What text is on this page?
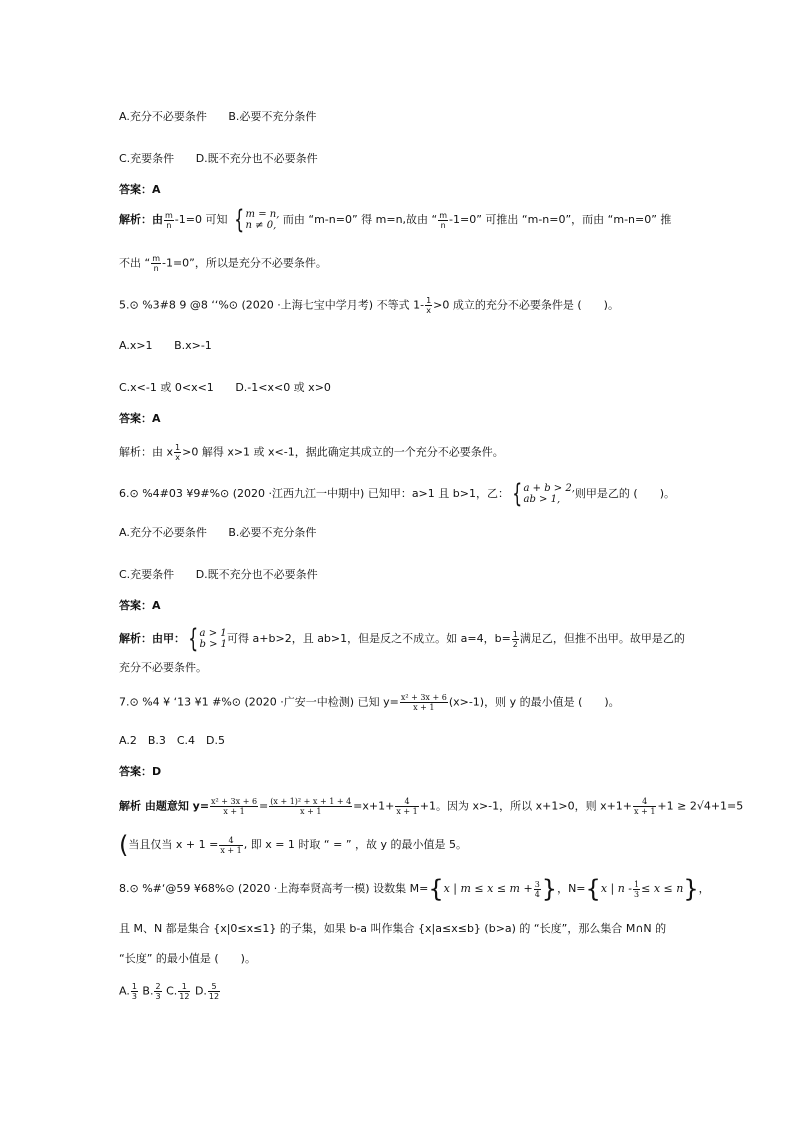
A.充分不必要条件 B.必要不充分条件
C.充要条件 D.既不充分也不必要条件
答案：A
解析：由 $\frac{m}{n} -1=0$ 可知 { m = n,
n ≠ 0, 而由 “m-n=0” 得 m=n,故由 “ $\frac{m}{n} -1=0$” 可推出 “m-n=0”，而由 “m-n=0” 推
不出 “ $\frac{m}{n} -1=0$”，所以是充分不必要条件。
5.⊙ %3#8 9 @8 ‘‘%⊙ (2020 ·上海七宝中学月考) 不等式 $1- \frac{1}{x} >0$ 成立的充分不必要条件是 (　　)。
A.x>1 B.x>-1
C.x<-1 或 0<x<1 D.-1<x<0 或 x>0
答案：A
解析：由 x $\frac{1}{x} >0$ 解得 x>1 或 x<-1，据此确定其成立的一个充分不必要条件。
6.⊙ %4#03 ¥9#%⊙ (2020 ·江西九江一中期中) 已知甲：a>1 且 b>1，乙： { a + b > 2,
ab > 1,	则甲是乙的 (　　)。
A.充分不必要条件 B.必要不充分条件
C.充要条件 D.既不充分也不必要条件
答案：A
解析：由甲： { a > 1
b > 1 可得 a+b>2，且 ab>1，但是反之不成立。如 a=4，$b= \frac{1}{2}$ 满足乙，但推不出甲。故甲是乙的
充分不必要条件。
7.⊙ %4 ¥ ‘13 ¥1 #%⊙ (2020 ·广安一中检测) 已知 $y= \frac{\text{x² + 3x + 6}}{x + 1} (x>-1)$，则 y 的最小值是 (　　)。
A.2　B.3　C.4　D.5
答案：D
解析 由题意知 $y= \frac{\text{x² + 3x + 6}}{x + 1} = \frac{\text{(x + 1)² + x + 1 + 4}}{x + 1} =x+1+ \frac{4}{x + 1} +1$。因为 x>-1，所以 x+1>0，则 $x+1+ \frac{4}{x + 1} +1 \ge 2√4+1=5$
(当且仅当 $x + 1 = \frac{4}{x + 1}$ , 即 x = 1 时取 “ = ” ，故 y 的最小值是 5。
8.⊙ %#‘@59 ¥68%⊙ (2020 ·上海奉贤高考一模) 设数集 M={x | $m \le x \le m + \frac{3}{4}$ }，N={x | $n - \frac{1}{3} \le x \le n$}，
且 M、N 都是集合 {x|0≤x≤1} 的子集，如果 b-a 叫作集合 {x|a≤x≤b} (b>a) 的 “长度”，那么集合 M∩N 的
“长度” 的最小值是 (　　)。
A. $\frac{1}{3} B$. $\frac{2}{3} C$. $\frac{1}{12} D$. $\frac{5}{12}$
